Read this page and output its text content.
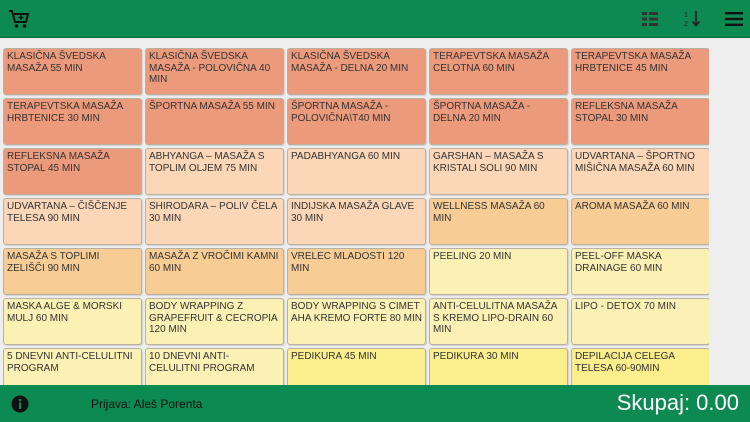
1
2
KLASIČNA ŠVEDSKA MASAŽA 55 MIN
KLASIČNA ŠVEDSKA MASAŽA - POLOVIČNA 40 MIN
KLASIČNA ŠVEDSKA MASAŽA - DELNA 20 MIN
TERAPEVTSKA MASAŽA CELOTNA 60 MIN
TERAPEVTSKA MASAŽA HRBTENICE 45 MIN
TERAPEVTSKA MASAŽA HRBTENICE 30 MIN
ŠPORTNA MASAŽA 55 MIN	ŠPORTNA MASAŽA - POLOVIČNA\T40 MIN
ŠPORTNA MASAŽA - DELNA 20 MIN
REFLEKSNA MASAŽA STOPAL 30 MIN
REFLEKSNA MASAŽA STOPAL 45 MIN
ABHYANGA – MASAŽA S TOPLIM OLJEM 75 MIN
PADABHYANGA 60 MIN	GARSHAN – MASAŽA S KRISTALI SOLI 90 MIN
UDVARTANA – ŠPORTNO MIŠIČNA MASAŽA 60 MIN
UDVARTANA – ČIŠČENJE TELESA 90 MIN
SHIRODARA – POLIV ČELA 30 MIN
INDIJSKA MASAŽA GLAVE 30 MIN
WELLNESS MASAŽA 60 MIN
AROMA MASAŽA 60 MIN
MASAŽA S TOPLIMI ZELIŠČI 90 MIN
MASAŽA Z VROČIMI KAMNI 60 MIN
VRELEC MLADOSTI 120 MIN
PEELING 20 MIN	PEEL-OFF MASKA DRAINAGE 60 MIN
MASKA ALGE & MORSKI MULJ 60 MIN
BODY WRAPPING Z GRAPEFRUIT & CECROPIA 120 MIN
BODY WRAPPING S CIMET AHA KREMO FORTE 80 MIN
ANTI-CELULITNA MASAŽA S KREMO LIPO-DRAIN 60 MIN
LIPO - DETOX 70 MIN
5 DNEVNI ANTI-CELULITNI PROGRAM
10 DNEVNI ANTI-CELULITNI PROGRAM
PEDIKURA 45 MIN	PEDIKURA 30 MIN	DEPILACIJA CELEGA TELESA 60-90MIN
Prijava: Aleš Porenta	Skupaj: 0.00
